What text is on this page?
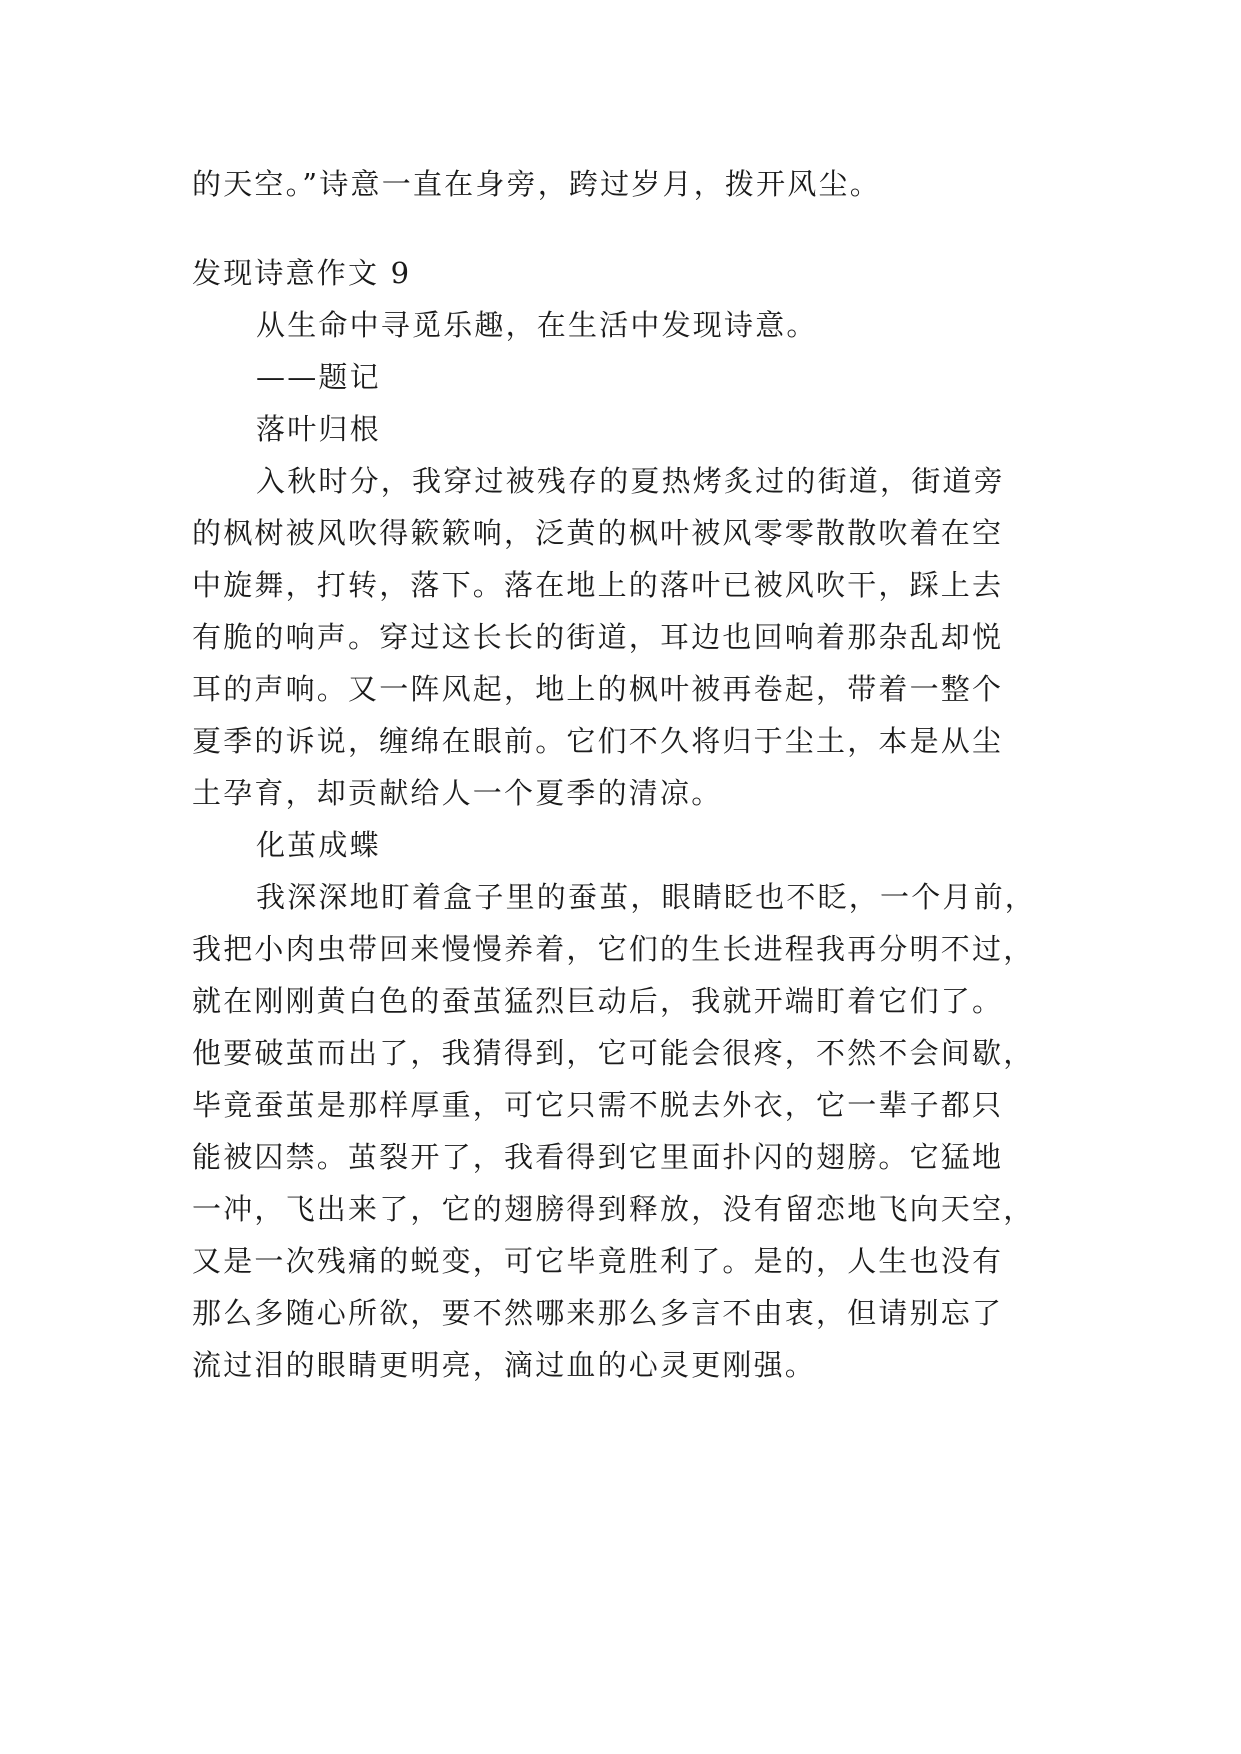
的天空。”诗意一直在身旁，跨过岁月，拨开风尘。
发现诗意作文 9
从生命中寻觅乐趣，在生活中发现诗意。
——题记
落叶归根
入秋时分，我穿过被残存的夏热烤炙过的街道，街道旁
的枫树被风吹得簌簌响，泛黄的枫叶被风零零散散吹着在空
中旋舞，打转，落下。落在地上的落叶已被风吹干，踩上去
有脆的响声。穿过这长长的街道，耳边也回响着那杂乱却悦
耳的声响。又一阵风起，地上的枫叶被再卷起，带着一整个
夏季的诉说，缠绵在眼前。它们不久将归于尘土，本是从尘
土孕育，却贡献给人一个夏季的清凉。
化茧成蝶
我深深地盯着盒子里的蚕茧，眼睛眨也不眨，一个月前，
我把小肉虫带回来慢慢养着，它们的生长进程我再分明不过，
就在刚刚黄白色的蚕茧猛烈巨动后，我就开端盯着它们了。
他要破茧而出了，我猜得到，它可能会很疼，不然不会间歇，
毕竟蚕茧是那样厚重，可它只需不脱去外衣，它一辈子都只
能被囚禁。茧裂开了，我看得到它里面扑闪的翅膀。它猛地
一冲，飞出来了，它的翅膀得到释放，没有留恋地飞向天空，
又是一次残痛的蜕变，可它毕竟胜利了。是的，人生也没有
那么多随心所欲，要不然哪来那么多言不由衷，但请别忘了
流过泪的眼睛更明亮，滴过血的心灵更刚强。
